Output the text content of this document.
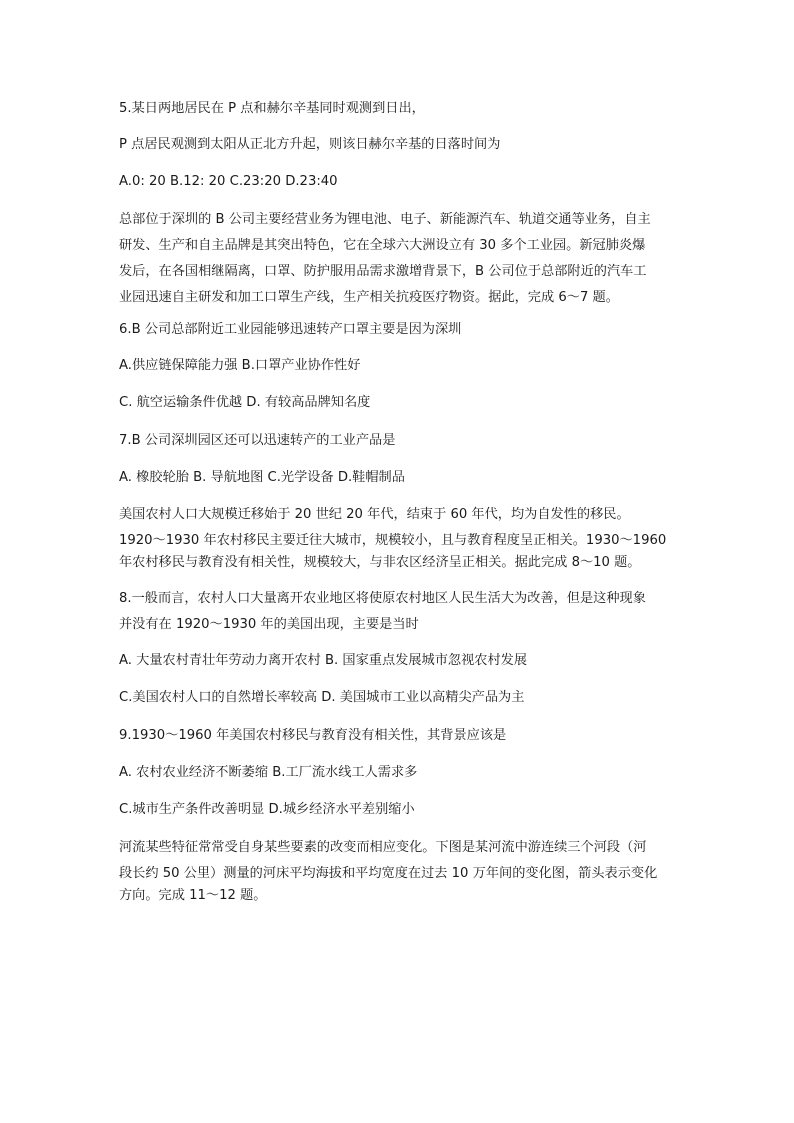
5.某日两地居民在 P 点和赫尔辛基同时观测到日出，
P 点居民观测到太阳从正北方升起，则该日赫尔辛基的日落时间为
A.0: 20 B.12: 20 C.23:20 D.23:40
总部位于深圳的 B 公司主要经营业务为锂电池、电子、新能源汽车、轨道交通等业务，自主
研发、生产和自主品牌是其突出特色，它在全球六大洲设立有 30 多个工业园。新冠肺炎爆
发后，在各国相继隔离，口罩、防护服用品需求激增背景下，B 公司位于总部附近的汽车工
业园迅速自主研发和加工口罩生产线，生产相关抗疫医疗物资。据此，完成 6～7 题。
6.B 公司总部附近工业园能够迅速转产口罩主要是因为深圳
A.供应链保障能力强 B.口罩产业协作性好
C. 航空运输条件优越 D. 有较高品牌知名度
7.B 公司深圳园区还可以迅速转产的工业产品是
A. 橡胶轮胎 B. 导航地图 C.光学设备 D.鞋帽制品
美国农村人口大规模迁移始于 20 世纪 20 年代，结束于 60 年代，均为自发性的移民。
1920～1930 年农村移民主要迁往大城市，规模较小，且与教育程度呈正相关。1930～1960
年农村移民与教育没有相关性，规模较大，与非农区经济呈正相关。据此完成 8～10 题。
8.一般而言，农村人口大量离开农业地区将使原农村地区人民生活大为改善，但是这种现象
并没有在 1920～1930 年的美国出现，主要是当时
A. 大量农村青壮年劳动力离开农村 B. 国家重点发展城市忽视农村发展
C.美国农村人口的自然增长率较高 D. 美国城市工业以高精尖产品为主
9.1930～1960 年美国农村移民与教育没有相关性，其背景应该是
A. 农村农业经济不断萎缩 B.工厂流水线工人需求多
C.城市生产条件改善明显 D.城乡经济水平差别缩小
河流某些特征常常受自身某些要素的改变而相应变化。下图是某河流中游连续三个河段（河
段长约 50 公里）测量的河床平均海拔和平均宽度在过去 10 万年间的变化图，箭头表示变化
方向。完成 11～12 题。
